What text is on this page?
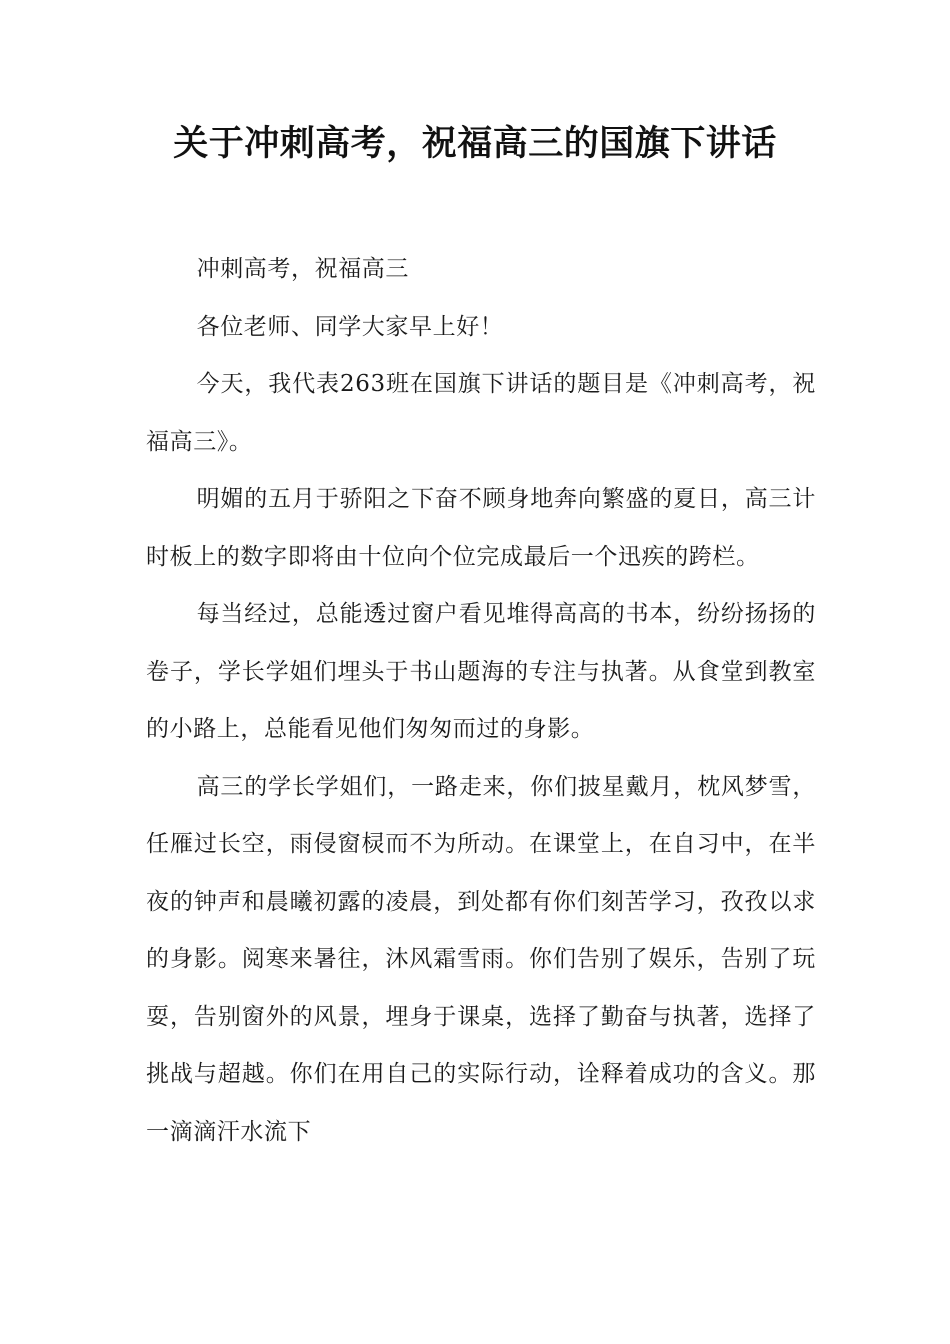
关于冲刺高考，祝福高三的国旗下讲话

冲刺高考，祝福高三

各位老师、同学大家早上好！

今天，我代表263班在国旗下讲话的题目是《冲刺高考，祝福高三》。

明媚的五月于骄阳之下奋不顾身地奔向繁盛的夏日，高三计时板上的数字即将由十位向个位完成最后一个迅疾的跨栏。

每当经过，总能透过窗户看见堆得高高的书本，纷纷扬扬的卷子，学长学姐们埋头于书山题海的专注与执著。从食堂到教室的小路上，总能看见他们匆匆而过的身影。

高三的学长学姐们，一路走来，你们披星戴月，枕风梦雪，任雁过长空，雨侵窗棂而不为所动。在课堂上，在自习中，在半夜的钟声和晨曦初露的凌晨，到处都有你们刻苦学习，孜孜以求的身影。阅寒来暑往，沐风霜雪雨。你们告别了娱乐，告别了玩耍，告别窗外的风景，埋身于课桌，选择了勤奋与执著，选择了挑战与超越。你们在用自己的实际行动，诠释着成功的含义。那一滴滴汗水流下
